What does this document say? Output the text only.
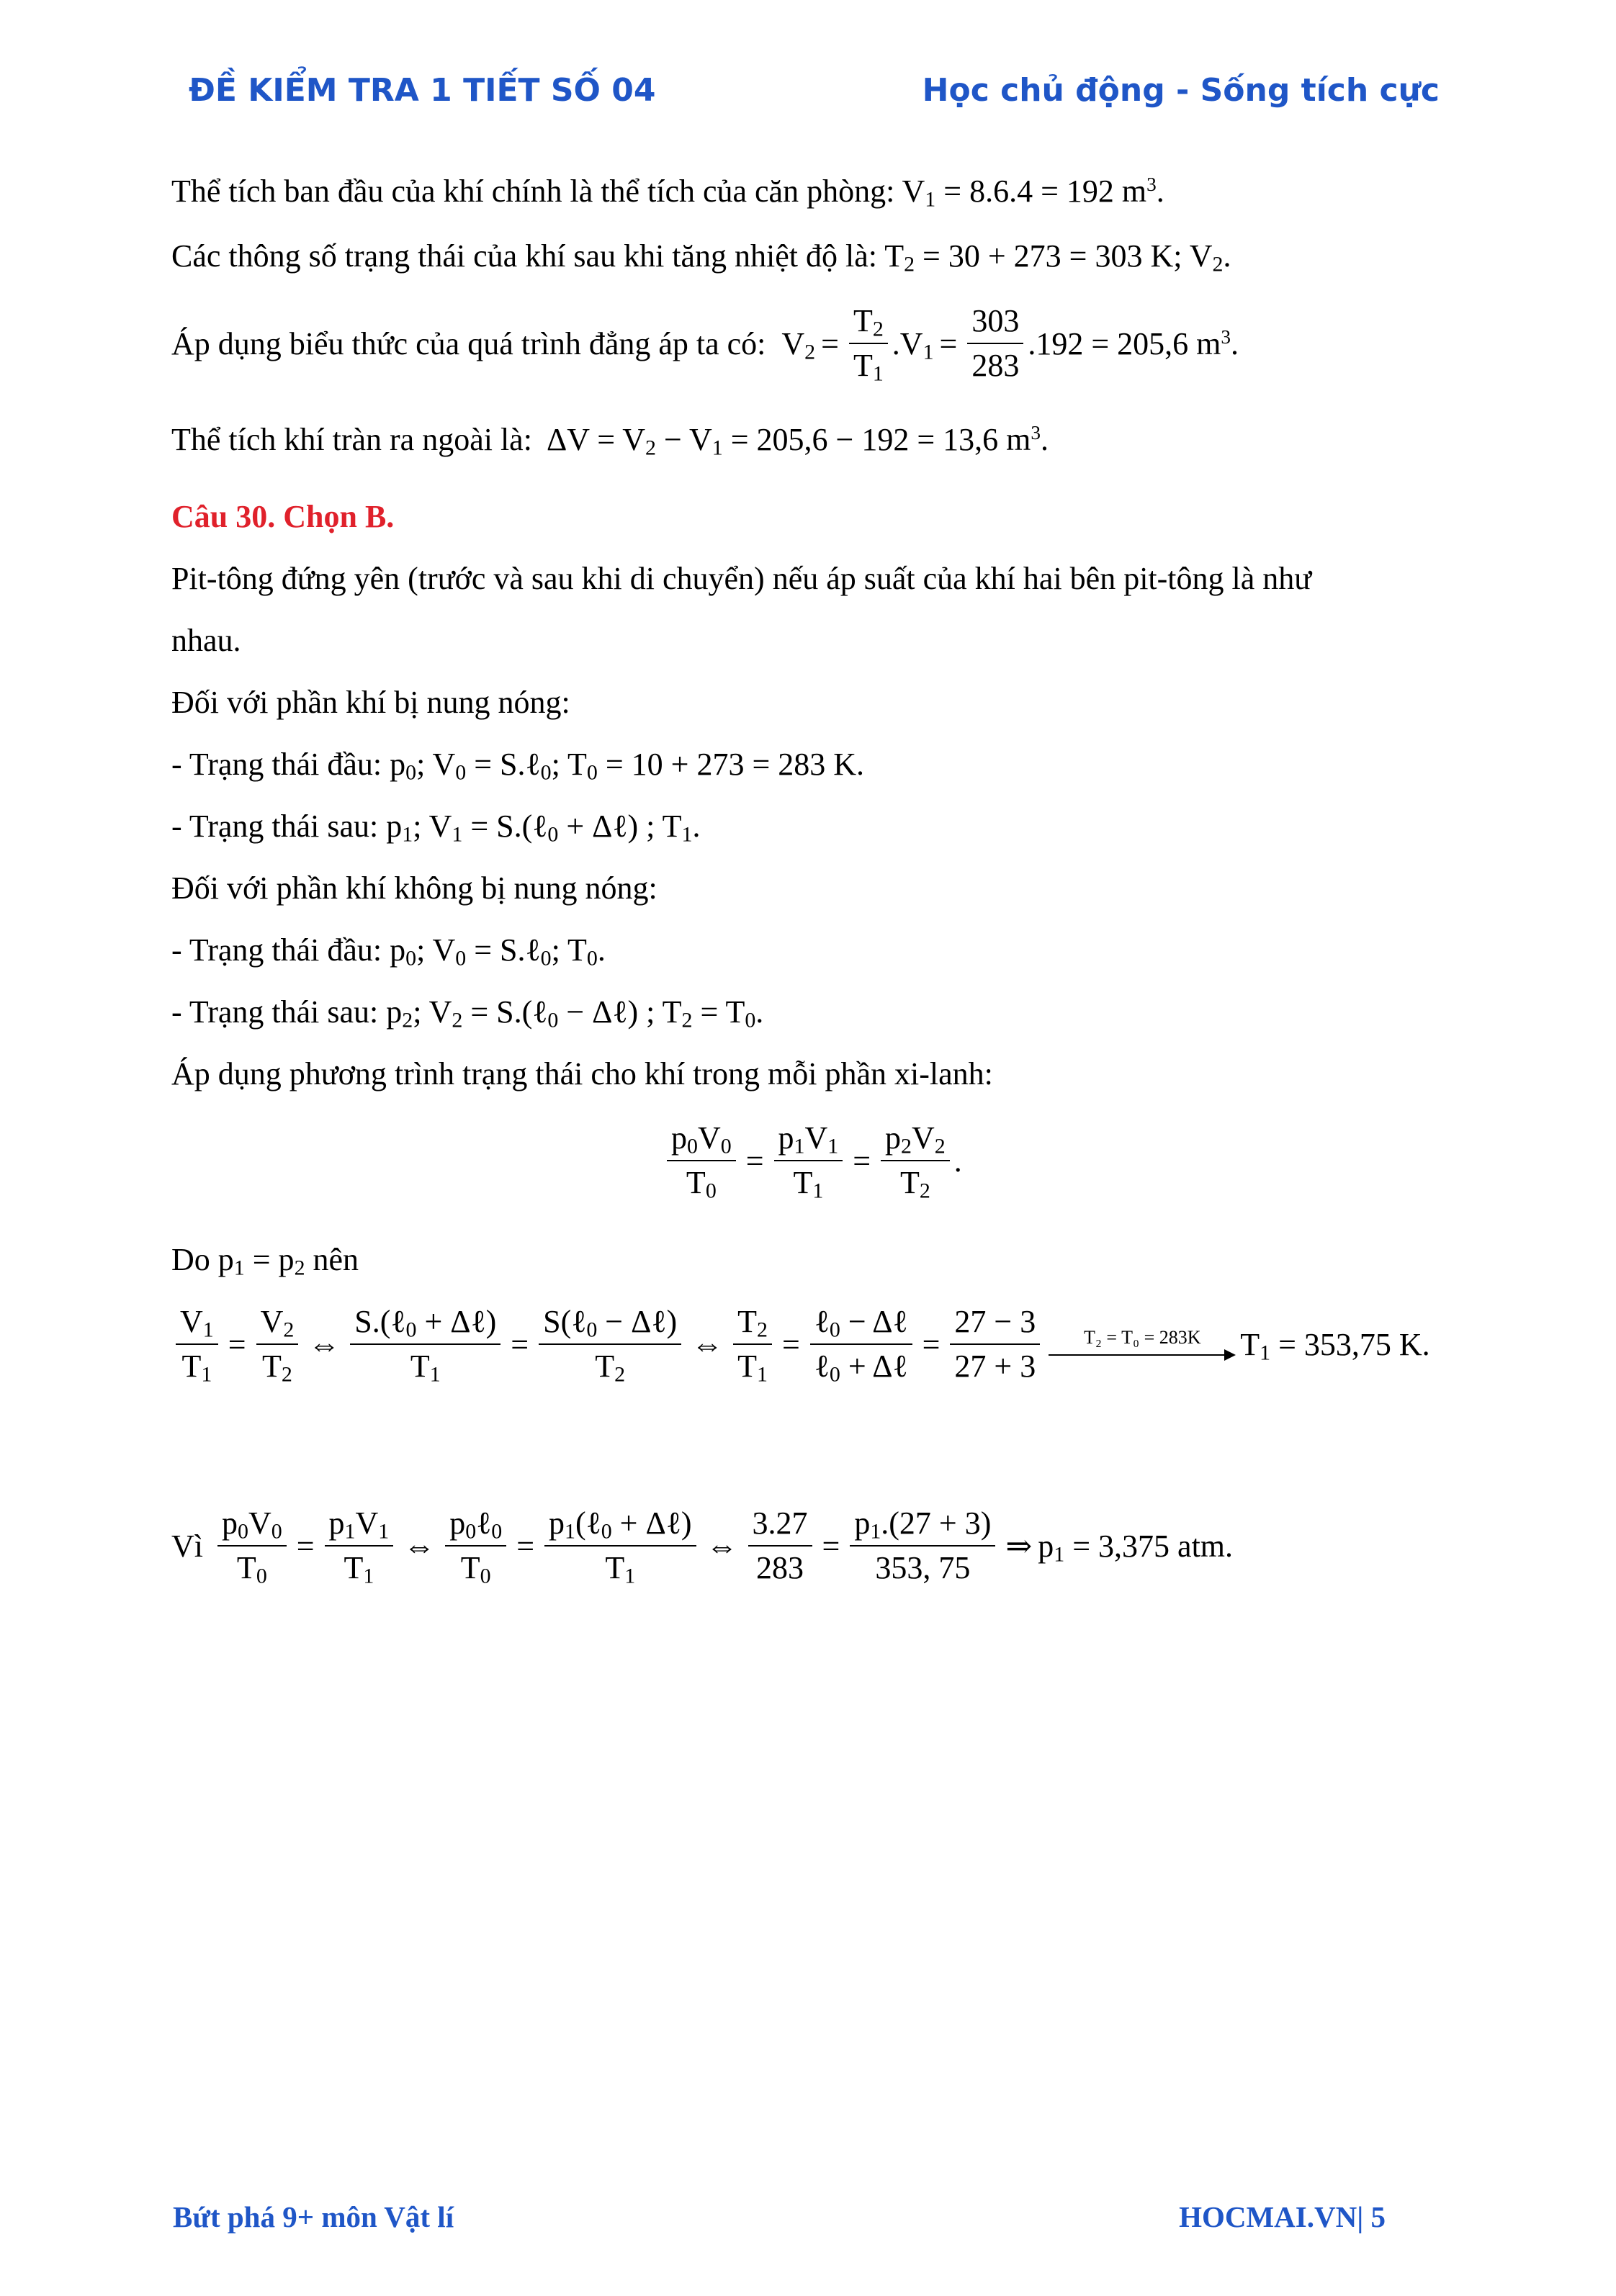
ĐỀ KIỂM TRA 1 TIẾT SỐ 04	Học chủ động - Sống tích cực
Thể tích ban đầu của khí chính là thể tích của căn phòng: $V_1 = 8.6.4 = 192$ $m^3$.
Các thông số trạng thái của khí sau khi tăng nhiệt độ là: $T_2 = 30 + 273 = 303$ K; $V_2$.
Áp dụng biểu thức của quá trình đẳng áp ta có: $V_2 = \frac{T_2}{T_1} .V_1 = \frac{303}{283} .192 = 205,6$ $m^3$.
Thể tích khí tràn ra ngoài là: $\Delta V = V_2 - V_1 = 205,6 - 192 = 13,6$ $m^3$.
Câu 30. Chọn B.
Pit-tông đứng yên (trước và sau khi di chuyển) nếu áp suất của khí hai bên pit-tông là như
nhau.
Đối với phần khí bị nung nóng:
- Trạng thái đầu: $p_0$; $V_0$ = S.ℓ$_0$; $T_0 = 10 + 273 = 283$ K.
- Trạng thái sau: $p_1$; $V_1$ = S.(ℓ$_0$ + Δℓ) ; $T_1$.
Đối với phần khí không bị nung nóng:
- Trạng thái đầu: $p_0$; $V_0$ = S.ℓ$_0$; $T_0$.
- Trạng thái sau: $p_2$; $V_2$ = S.(ℓ$_0$ − Δℓ) ; $T_2 = T_0$.
Áp dụng phương trình trạng thái cho khí trong mỗi phần xi-lanh:
$\frac{p_0V_0}{T_0} = \frac{p_1V_1}{T_1} = \frac{p_2V_2}{T_2}$ .
Do $p_1 = p_2$ nên
$\frac{V_1}{T_1} = \frac{V_2}{T_2}$ ⇔ $\frac{S.(\ell_0 + \Delta\ell)}{T_1} = \frac{S(\ell_0 - \Delta\ell)}{T_2}$ ⇔ $\frac{T_2}{T_1} = \frac{\ell_0 - \Delta\ell}{\ell_0 + \Delta\ell} = \frac{27 - 3}{27 + 3} T_2 = T_0 = 283K$ $T_1 = 353,75$ K.
Vì $\frac{p_0V_0}{T_0} = \frac{p_1V_1}{T_1}$ ⇔ $\frac{p_0\ell_0}{T_0} = \frac{p_1(\ell_0 + \Delta\ell)}{T_1}$ ⇔ $\frac{3.27}{283} = \frac{p_1.(27 + 3)}{353, 75}$ ⇒ $p_1 = 3,375$ atm.
Bứt phá 9+ môn Vật lí	HOCMAI.VN| 5
